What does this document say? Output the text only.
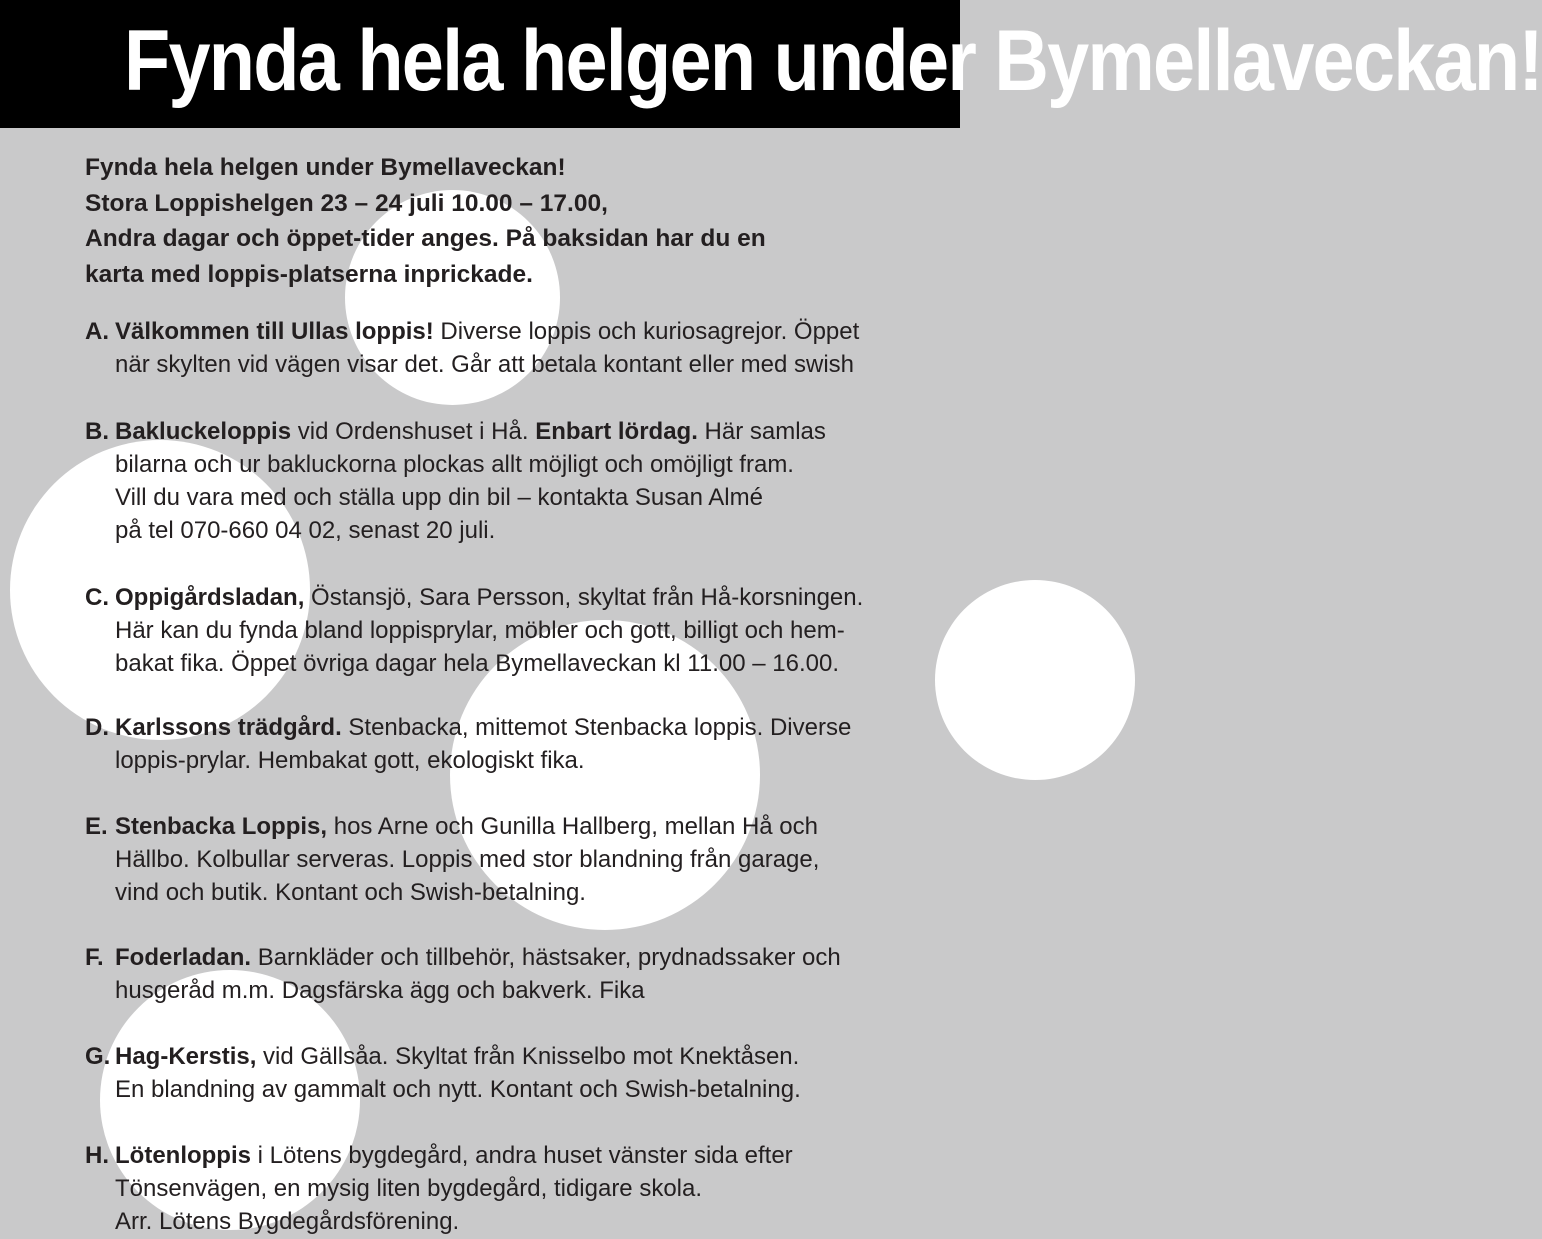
Fynda hela helgen under Bymellaveckan!
Fynda hela helgen under Bymellaveckan!
Stora Loppishelgen 23 – 24 juli 10.00 – 17.00,
Andra dagar och öppet-tider anges. På baksidan har du en
karta med loppis-platserna inprickade.
A. Välkommen till Ullas loppis! Diverse loppis och kuriosagrejor. Öppet
när skylten vid vägen visar det. Går att betala kontant eller med swish
B. Bakluckeloppis vid Ordenshuset i Hå. Enbart lördag. Här samlas
bilarna och ur bakluckorna plockas allt möjligt och omöjligt fram.
Vill du vara med och ställa upp din bil – kontakta Susan Almé
på tel 070-660 04 02, senast 20 juli.
C. Oppigårdsladan, Östansjö, Sara Persson, skyltat från Hå-korsningen.
Här kan du fynda bland loppisprylar, möbler och gott, billigt och hem-
bakat fika. Öppet övriga dagar hela Bymellaveckan kl 11.00 – 16.00.
D. Karlssons trädgård. Stenbacka, mittemot Stenbacka loppis. Diverse
loppis-prylar. Hembakat gott, ekologiskt fika.
E. Stenbacka Loppis, hos Arne och Gunilla Hallberg, mellan Hå och
Hällbo. Kolbullar serveras. Loppis med stor blandning från garage,
vind och butik. Kontant och Swish-betalning.
F. Foderladan. Barnkläder och tillbehör, hästsaker, prydnadssaker och
husgeråd m.m. Dagsfärska ägg och bakverk. Fika
G. Hag-Kerstis, vid Gällsåa. Skyltat från Knisselbo mot Knektåsen.
En blandning av gammalt och nytt. Kontant och Swish-betalning.
H. Lötenloppis i Lötens bygdegård, andra huset vänster sida efter
Tönsenvägen, en mysig liten bygdegård, tidigare skola.
Arr. Lötens Bygdegårdsförening.
